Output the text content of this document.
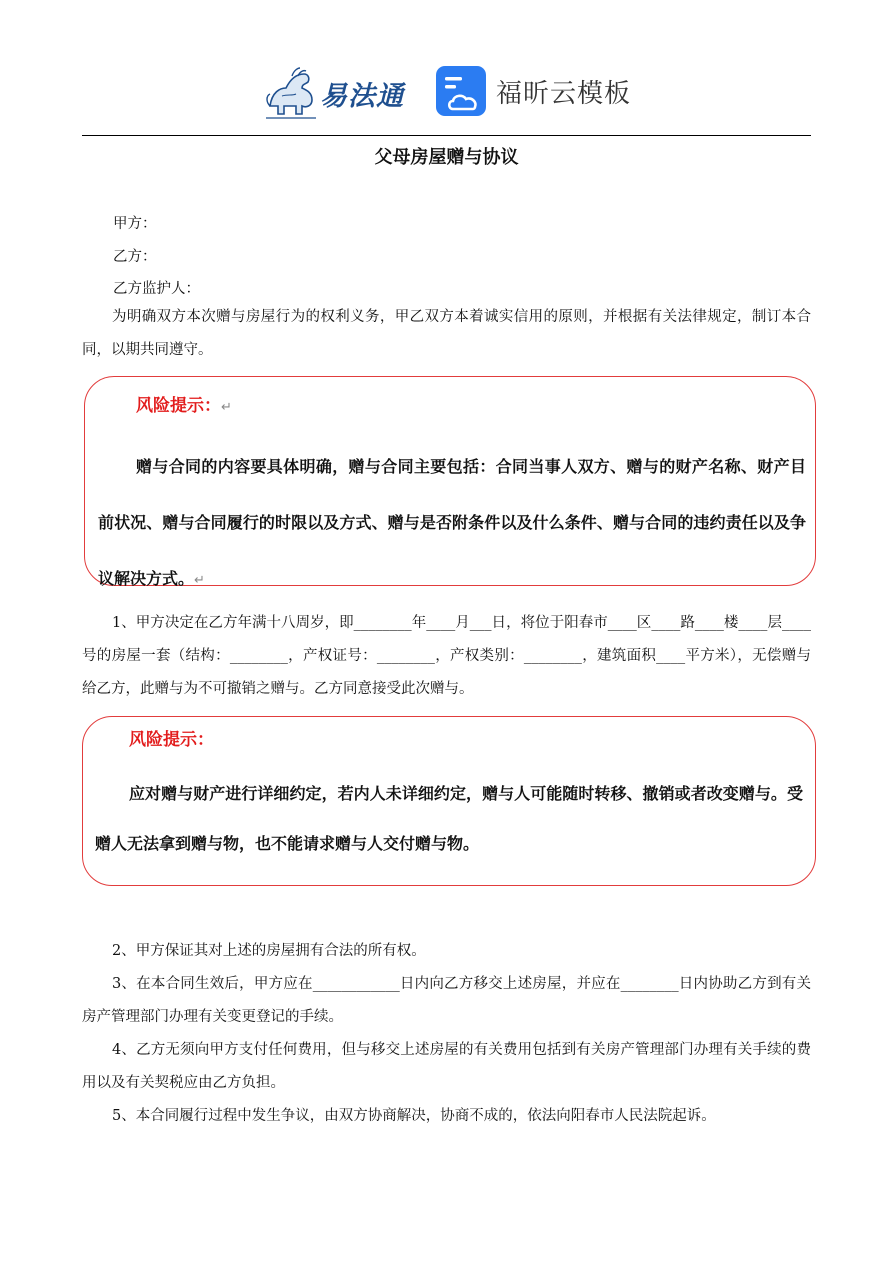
易法通	福昕云模板
父母房屋赠与协议
甲方：
乙方：
乙方监护人：
为明确双方本次赠与房屋行为的权利义务，甲乙双方本着诚实信用的原则，并根据有关法律规定，制订本合同，以期共同遵守。
风险提示：↵
赠与合同的内容要具体明确，赠与合同主要包括：合同当事人双方、赠与的财产名称、财产目前状况、赠与合同履行的时限以及方式、赠与是否附条件以及什么条件、赠与合同的违约责任以及争议解决方式。↵
1、甲方决定在乙方年满十八周岁，即________年____月___日，将位于阳春市____区____路____楼____层____号的房屋一套（结构：________，产权证号：________，产权类别：________，建筑面积____平方米），无偿赠与给乙方，此赠与为不可撤销之赠与。乙方同意接受此次赠与。
风险提示：
应对赠与财产进行详细约定，若内人未详细约定，赠与人可能随时转移、撤销或者改变赠与。受赠人无法拿到赠与物，也不能请求赠与人交付赠与物。
2、甲方保证其对上述的房屋拥有合法的所有权。
3、在本合同生效后，甲方应在____________日内向乙方移交上述房屋，并应在________日内协助乙方到有关房产管理部门办理有关变更登记的手续。
4、乙方无须向甲方支付任何费用，但与移交上述房屋的有关费用包括到有关房产管理部门办理有关手续的费用以及有关契税应由乙方负担。
5、本合同履行过程中发生争议，由双方协商解决，协商不成的，依法向阳春市人民法院起诉。
